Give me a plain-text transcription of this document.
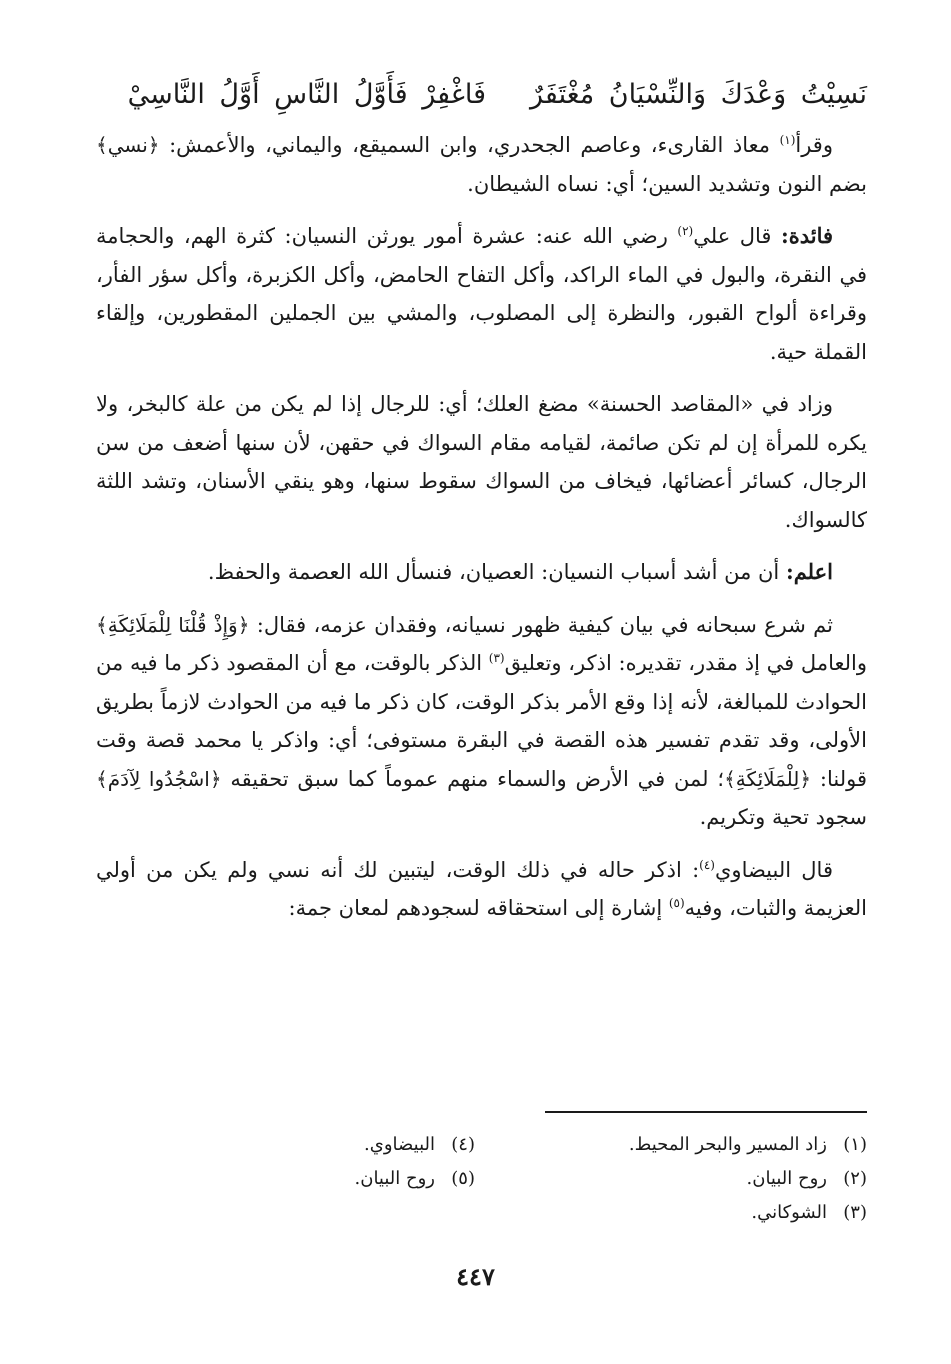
نَسِيْتُ وَعْدَكَ وَالنِّسْيَانُ مُغْتَفَرٌفَاغْفِرْ فَأَوَّلُ النَّاسِ أَوَّلُ النَّاسِيْ

وقرأ$^{(١)}$ معاذ القارىء، وعاصم الجحدري، وابن السميقع، واليماني، والأعمش: ﴿نسي﴾ بضم النون وتشديد السين؛ أي: نساه الشيطان.

فائدة: قال علي$^{(٢)}$ رضي الله عنه: عشرة أمور يورثن النسيان: كثرة الهم، والحجامة في النقرة، والبول في الماء الراكد، وأكل التفاح الحامض، وأكل الكزبرة، وأكل سؤر الفأر، وقراءة ألواح القبور، والنظرة إلى المصلوب، والمشي بين الجملين المقطورين، وإلقاء القملة حية.

وزاد في «المقاصد الحسنة» مضغ العلك؛ أي: للرجال إذا لم يكن من علة كالبخر، ولا يكره للمرأة إن لم تكن صائمة، لقيامه مقام السواك في حقهن، لأن سنها أضعف من سن الرجال، كسائر أعضائها، فيخاف من السواك سقوط سنها، وهو ينقي الأسنان، وتشد اللثة كالسواك.

اعلم: أن من أشد أسباب النسيان: العصيان، فنسأل الله العصمة والحفظ.

ثم شرع سبحانه في بيان كيفية ظهور نسيانه، وفقدان عزمه، فقال: ﴿وَإِذْ قُلْنَا لِلْمَلَائِكَةِ﴾ والعامل في إذ مقدر، تقديره: اذكر، وتعليق$^{(٣)}$ الذكر بالوقت، مع أن المقصود ذكر ما فيه من الحوادث للمبالغة، لأنه إذا وقع الأمر بذكر الوقت، كان ذكر ما فيه من الحوادث لازماً بطريق الأولى، وقد تقدم تفسير هذه القصة في البقرة مستوفى؛ أي: واذكر يا محمد قصة وقت قولنا: ﴿لِلْمَلَائِكَةِ﴾؛ لمن في الأرض والسماء منهم عموماً كما سبق تحقيقه ﴿اسْجُدُوا لِآدَمَ﴾ سجود تحية وتكريم.

قال البيضاوي$^{(٤)}$: اذكر حاله في ذلك الوقت، ليتبين لك أنه نسي ولم يكن من أولي العزيمة والثبات، وفيه$^{(٥)}$ إشارة إلى استحقاقه لسجودهم لمعان جمة:

(١)زاد المسير والبحر المحيط.
(٢)روح البيان.
(٣)الشوكاني.
(٤)البيضاوي.
(٥)روح البيان.
٤٤٧
